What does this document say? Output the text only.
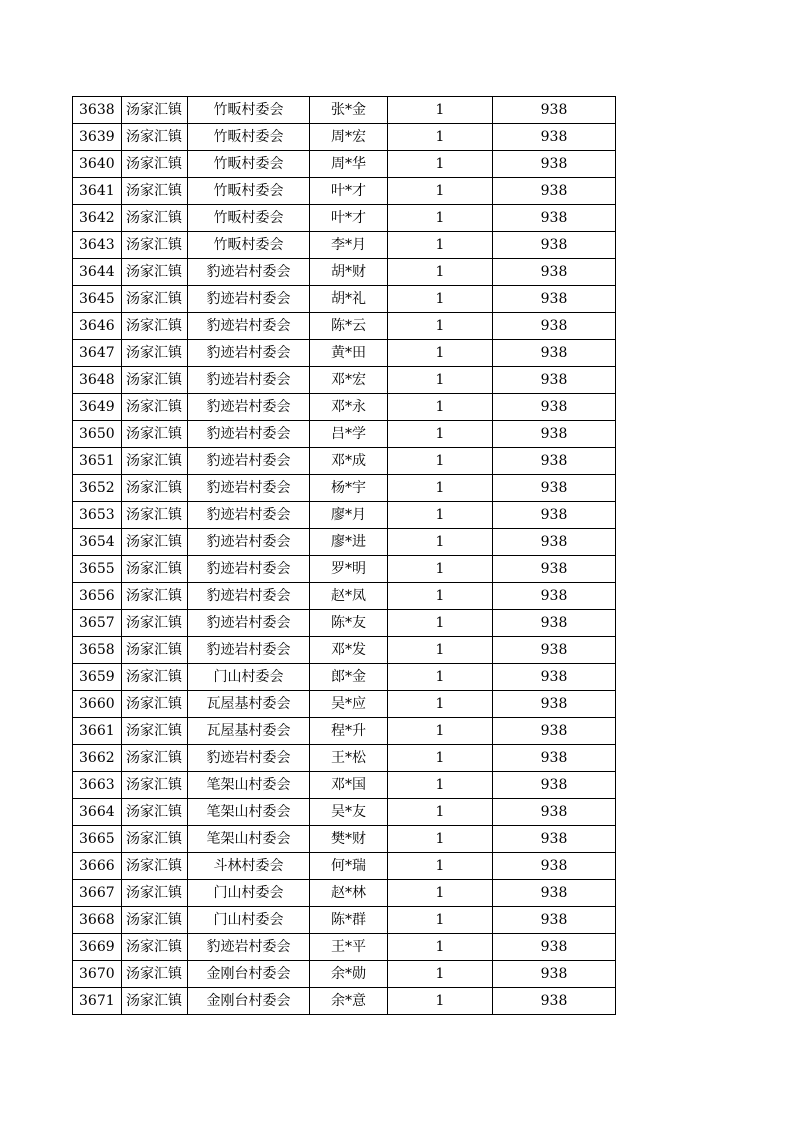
3638	汤家汇镇	竹畈村委会	张*金	1	938
3639	汤家汇镇	竹畈村委会	周*宏	1	938
3640	汤家汇镇	竹畈村委会	周*华	1	938
3641	汤家汇镇	竹畈村委会	叶*才	1	938
3642	汤家汇镇	竹畈村委会	叶*才	1	938
3643	汤家汇镇	竹畈村委会	李*月	1	938
3644	汤家汇镇	豹迹岩村委会	胡*财	1	938
3645	汤家汇镇	豹迹岩村委会	胡*礼	1	938
3646	汤家汇镇	豹迹岩村委会	陈*云	1	938
3647	汤家汇镇	豹迹岩村委会	黄*田	1	938
3648	汤家汇镇	豹迹岩村委会	邓*宏	1	938
3649	汤家汇镇	豹迹岩村委会	邓*永	1	938
3650	汤家汇镇	豹迹岩村委会	吕*学	1	938
3651	汤家汇镇	豹迹岩村委会	邓*成	1	938
3652	汤家汇镇	豹迹岩村委会	杨*宇	1	938
3653	汤家汇镇	豹迹岩村委会	廖*月	1	938
3654	汤家汇镇	豹迹岩村委会	廖*进	1	938
3655	汤家汇镇	豹迹岩村委会	罗*明	1	938
3656	汤家汇镇	豹迹岩村委会	赵*凤	1	938
3657	汤家汇镇	豹迹岩村委会	陈*友	1	938
3658	汤家汇镇	豹迹岩村委会	邓*发	1	938
3659	汤家汇镇	门山村委会	郎*金	1	938
3660	汤家汇镇	瓦屋基村委会	吴*应	1	938
3661	汤家汇镇	瓦屋基村委会	程*升	1	938
3662	汤家汇镇	豹迹岩村委会	王*松	1	938
3663	汤家汇镇	笔架山村委会	邓*国	1	938
3664	汤家汇镇	笔架山村委会	吴*友	1	938
3665	汤家汇镇	笔架山村委会	樊*财	1	938
3666	汤家汇镇	斗林村委会	何*瑞	1	938
3667	汤家汇镇	门山村委会	赵*林	1	938
3668	汤家汇镇	门山村委会	陈*群	1	938
3669	汤家汇镇	豹迹岩村委会	王*平	1	938
3670	汤家汇镇	金刚台村委会	余*勋	1	938
3671	汤家汇镇	金刚台村委会	余*意	1	938
